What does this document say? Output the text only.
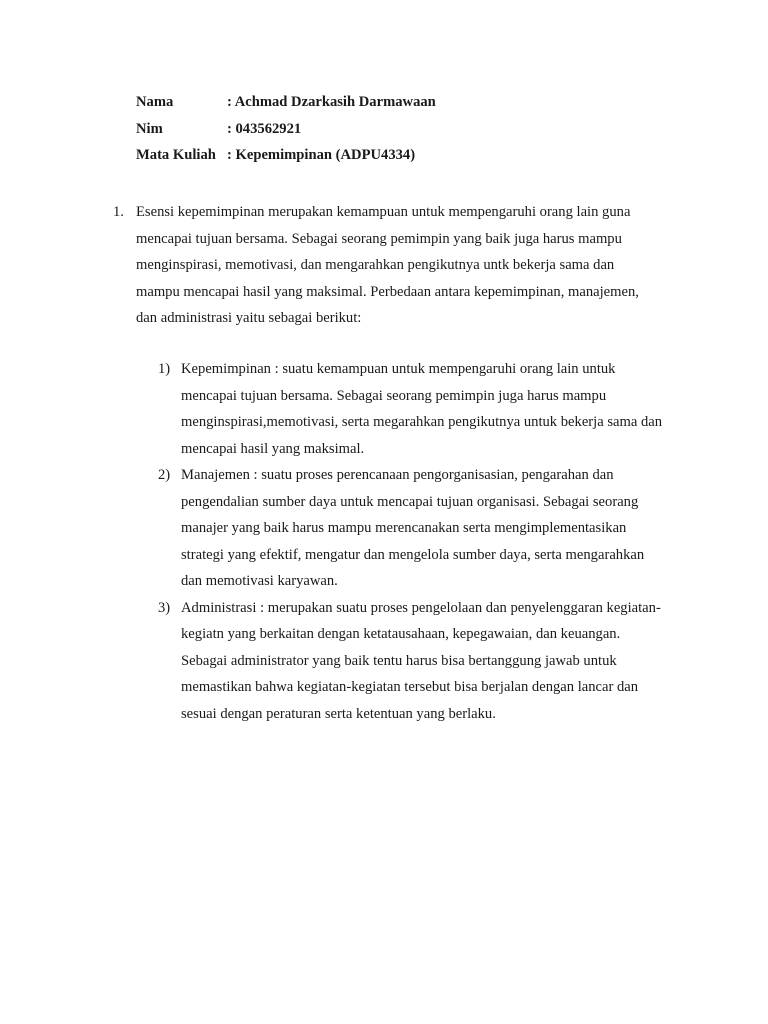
Nama	: Achmad Dzarkasih Darmawaan
Nim	: 043562921
Mata Kuliah : Kepemimpinan (ADPU4334)
1. Esensi kepemimpinan merupakan kemampuan untuk mempengaruhi orang lain guna
mencapai tujuan bersama. Sebagai seorang pemimpin yang baik juga harus mampu
menginspirasi, memotivasi, dan mengarahkan pengikutnya untk bekerja sama dan
mampu mencapai hasil yang maksimal. Perbedaan antara kepemimpinan, manajemen,
dan administrasi yaitu sebagai berikut:
1) Kepemimpinan : suatu kemampuan untuk mempengaruhi orang lain untuk
mencapai tujuan bersama. Sebagai seorang pemimpin juga harus mampu
menginspirasi,memotivasi, serta megarahkan pengikutnya untuk bekerja sama dan
mencapai hasil yang maksimal.
2) Manajemen : suatu proses perencanaan pengorganisasian, pengarahan dan
pengendalian sumber daya untuk mencapai tujuan organisasi. Sebagai seorang
manajer yang baik harus mampu merencanakan serta mengimplementasikan
strategi yang efektif, mengatur dan mengelola sumber daya, serta mengarahkan
dan memotivasi karyawan.
3) Administrasi : merupakan suatu proses pengelolaan dan penyelenggaran kegiatan-
kegiatn yang berkaitan dengan ketatausahaan, kepegawaian, dan keuangan.
Sebagai administrator yang baik tentu harus bisa bertanggung jawab untuk
memastikan bahwa kegiatan-kegiatan tersebut bisa berjalan dengan lancar dan
sesuai dengan peraturan serta ketentuan yang berlaku.
